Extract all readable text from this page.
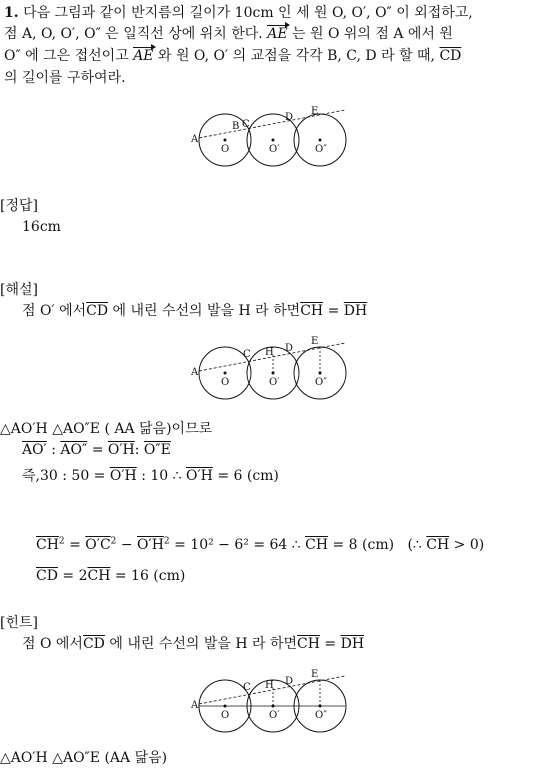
1. 다음 그림과 같이 반지름의 길이가 10cm 인 세 원 O, O′, O″ 이 외접하고,
점 A, O, O′, O″ 은 일직선 상에 위치 한다. AE 는 원 O 위의 점 A 에서 원
O″ 에 그은 접선이고 AE 와 원 O, O′ 의 교점을 각각 B, C, D 라 할 때, $\overline{CD}$
의 길이를 구하여라.
A
B C
D
E
O	O′	O″
[정답]
16cm
[해설]
점 O′ 에서$\overline{CD}$ 에 내린 수선의 발을 H 라 하면$\overline{CH} = \overline{DH}$
A
C H D
E
O	O′	O″
△AO′H △AO″E ( AA 닮음)이므로
AO′ : AO″ = O′H: O″E
즉,30 : 50 = O′H : 10 ∴ O′H = 6 (cm)
$\overline{CH}^2 = O'C^2 - O'H^2 = 10^2 - 6^2 = 64$ ∴ $\overline{CH} = 8$ (cm) (∴ $\overline{CH} > 0$)
$\overline{CD} = 2\overline{CH} = 16$ (cm)
[힌트]
점 O 에서$\overline{CD}$ 에 내린 수선의 발을 H 라 하면$\overline{CH} = \overline{DH}$
A
C H D
E
O	O′	O″
△AO′H △AO″E (AA 닮음)
